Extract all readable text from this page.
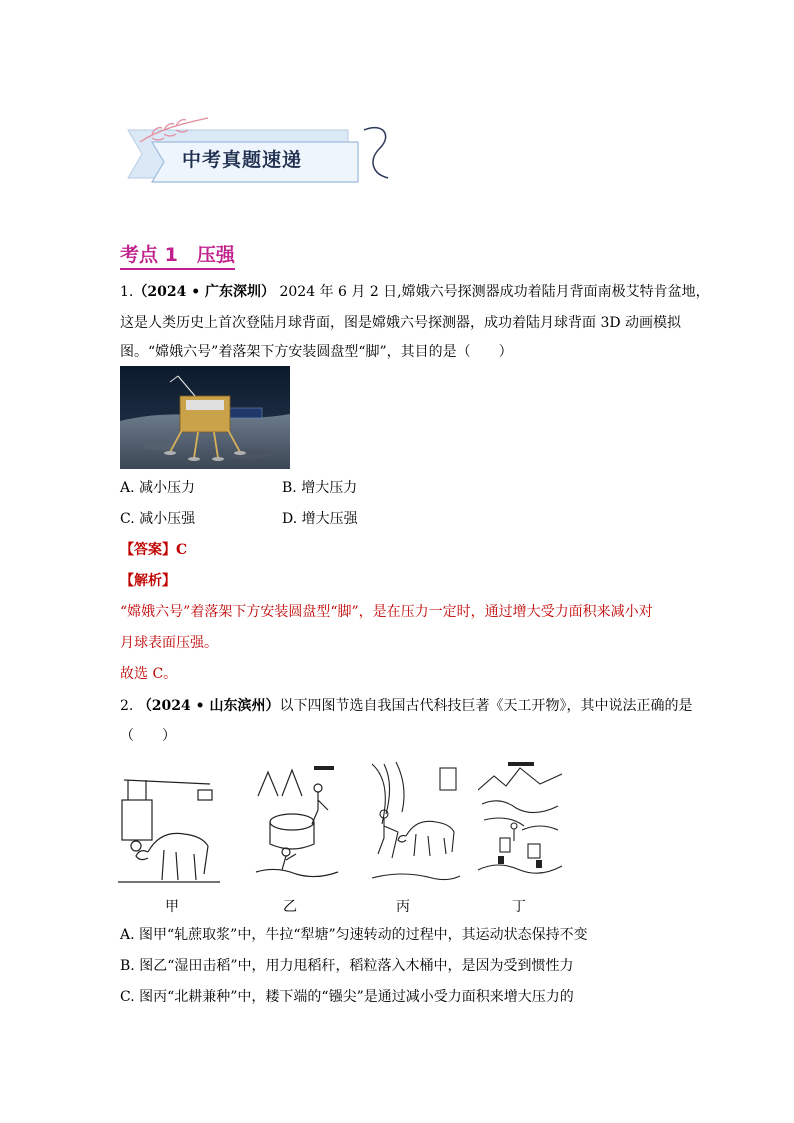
中考真题速递
考点 1　压强
1.（2024 • 广东深圳） 2024 年 6 月 2 日,嫦娥六号探测器成功着陆月背面南极艾特肯盆地，
这是人类历史上首次登陆月球背面，图是嫦娥六号探测器，成功着陆月球背面 3D 动画模拟
图。“嫦娥六号”着落架下方安装圆盘型“脚”，其目的是（　　）
A. 减小压力	B. 增大压力
C. 减小压强	D. 增大压强
【答案】C
【解析】
“嫦娥六号”着落架下方安装圆盘型“脚”，是在压力一定时，通过增大受力面积来减小对
月球表面压强。
故选 C。
2. （2024 • 山东滨州）以下四图节选自我国古代科技巨著《天工开物》，其中说法正确的是
（　　）
甲	乙	丙	丁
A. 图甲“轧蔗取浆”中，牛拉“犁塘”匀速转动的过程中，其运动状态保持不变
B. 图乙“湿田击稻”中，用力甩稻秆，稻粒落入木桶中，是因为受到惯性力
C. 图丙“北耕兼种”中，耧下端的“镪尖”是通过减小受力面积来增大压力的
